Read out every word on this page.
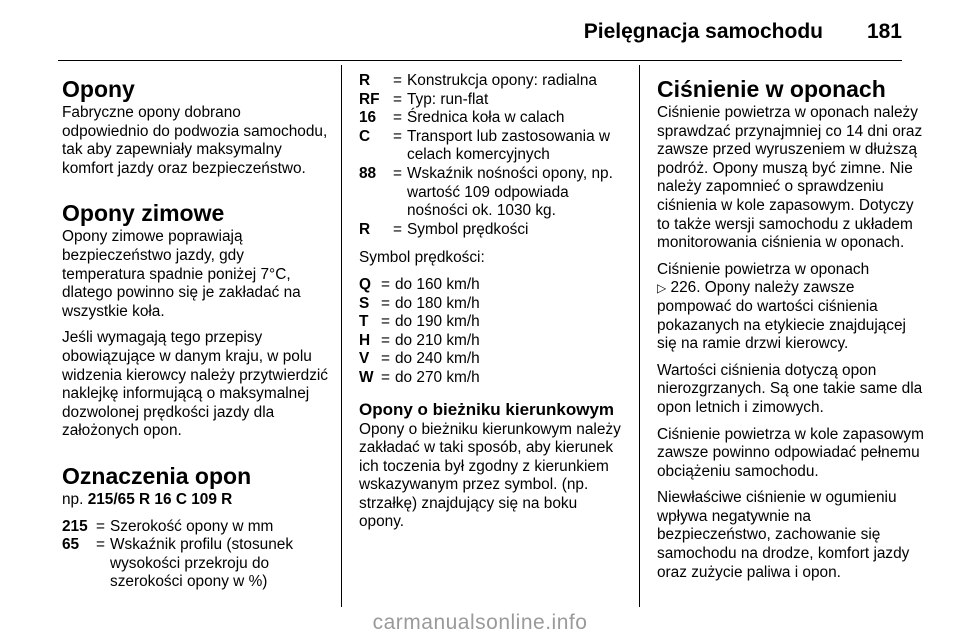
Pielęgnacja samochodu 181
Opony

Fabryczne opony dobrano odpowiednio do podwozia samochodu, tak aby zapewniały maksymalny komfort jazdy oraz bezpieczeństwo.

Opony zimowe

Opony zimowe poprawiają bezpieczeństwo jazdy, gdy temperatura spadnie poniżej 7°C, dlatego powinno się je zakładać na wszystkie koła.

Jeśli wymagają tego przepisy obowiązujące w danym kraju, w polu widzenia kierowcy należy przytwierdzić naklejkę informującą o maksymalnej dozwolonej prędkości jazdy dla założonych opon.

Oznaczenia opon

np. 215/65 R 16 C 109 R

215 = Szerokość opony w mm
65	= Wskaźnik profilu (stosunek wysokości przekroju do szerokości opony w %)
R	= Konstrukcja opony: radialna
RF = Typ: run-flat
16	= Średnica koła w calach
C	= Transport lub zastosowania w celach komercyjnych
88	= Wskaźnik nośności opony, np. wartość 109 odpowiada nośności ok. 1030 kg.
R	= Symbol prędkości

Symbol prędkości:

Q = do 160 km/h
S = do 180 km/h
T = do 190 km/h
H = do 210 km/h
V = do 240 km/h
W = do 270 km/h
Opony o bieżniku kierunkowym

Opony o bieżniku kierunkowym należy zakładać w taki sposób, aby kierunek ich toczenia był zgodny z kierunkiem wskazywanym przez symbol. (np. strzałkę) znajdujący się na boku opony.

Ciśnienie w oponach

Ciśnienie powietrza w oponach należy sprawdzać przynajmniej co 14 dni oraz zawsze przed wyruszeniem w dłuższą podróż. Opony muszą być zimne. Nie należy zapomnieć o sprawdzeniu ciśnienia w kole zapasowym. Dotyczy to także wersji samochodu z układem monitorowania ciśnienia w oponach.

Ciśnienie powietrza w oponach
▷ 226. Opony należy zawsze pompować do wartości ciśnienia pokazanych na etykiecie znajdującej się na ramie drzwi kierowcy.

Wartości ciśnienia dotyczą opon nierozgrzanych. Są one takie same dla opon letnich i zimowych.

Ciśnienie powietrza w kole zapasowym zawsze powinno odpowiadać pełnemu obciążeniu samochodu.

Niewłaściwe ciśnienie w ogumieniu wpływa negatywnie na bezpieczeństwo, zachowanie się samochodu na drodze, komfort jazdy oraz zużycie paliwa i opon.

carmanualsonline.info
